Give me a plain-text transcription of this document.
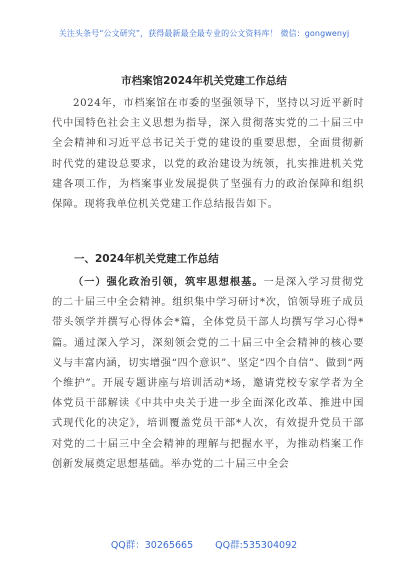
关注头条号“公文研究”，获得最新最全最专业的公文资料库！ 微信：gongwenyj
市档案馆2024年机关党建工作总结
2024年，市档案馆在市委的坚强领导下，坚持以习近平新时代中国特色社会主义思想为指导，深入贯彻落实党的二十届三中全会精神和习近平总书记关于党的建设的重要思想，全面贯彻新时代党的建设总要求，以党的政治建设为统领，扎实推进机关党建各项工作，为档案事业发展提供了坚强有力的政治保障和组织保障。现将我单位机关党建工作总结报告如下。
一、2024年机关党建工作总结
（一）强化政治引领，筑牢思想根基。一是深入学习贯彻党的二十届三中全会精神。组织集中学习研讨*次，馆领导班子成员带头领学并撰写心得体会*篇，全体党员干部人均撰写学习心得*篇。通过深入学习，深刻领会党的二十届三中全会精神的核心要义与丰富内涵，切实增强“四个意识”、坚定“四个自信”、做到“两个维护”。开展专题讲座与培训活动*场，邀请党校专家学者为全体党员干部解读《中共中央关于进一步全面深化改革、推进中国式现代化的决定》，培训覆盖党员干部*人次，有效提升党员干部对党的二十届三中全会精神的理解与把握水平，为推动档案工作创新发展奠定思想基础。举办党的二十届三中全会
QQ群：30265665 QQ群:535304092
